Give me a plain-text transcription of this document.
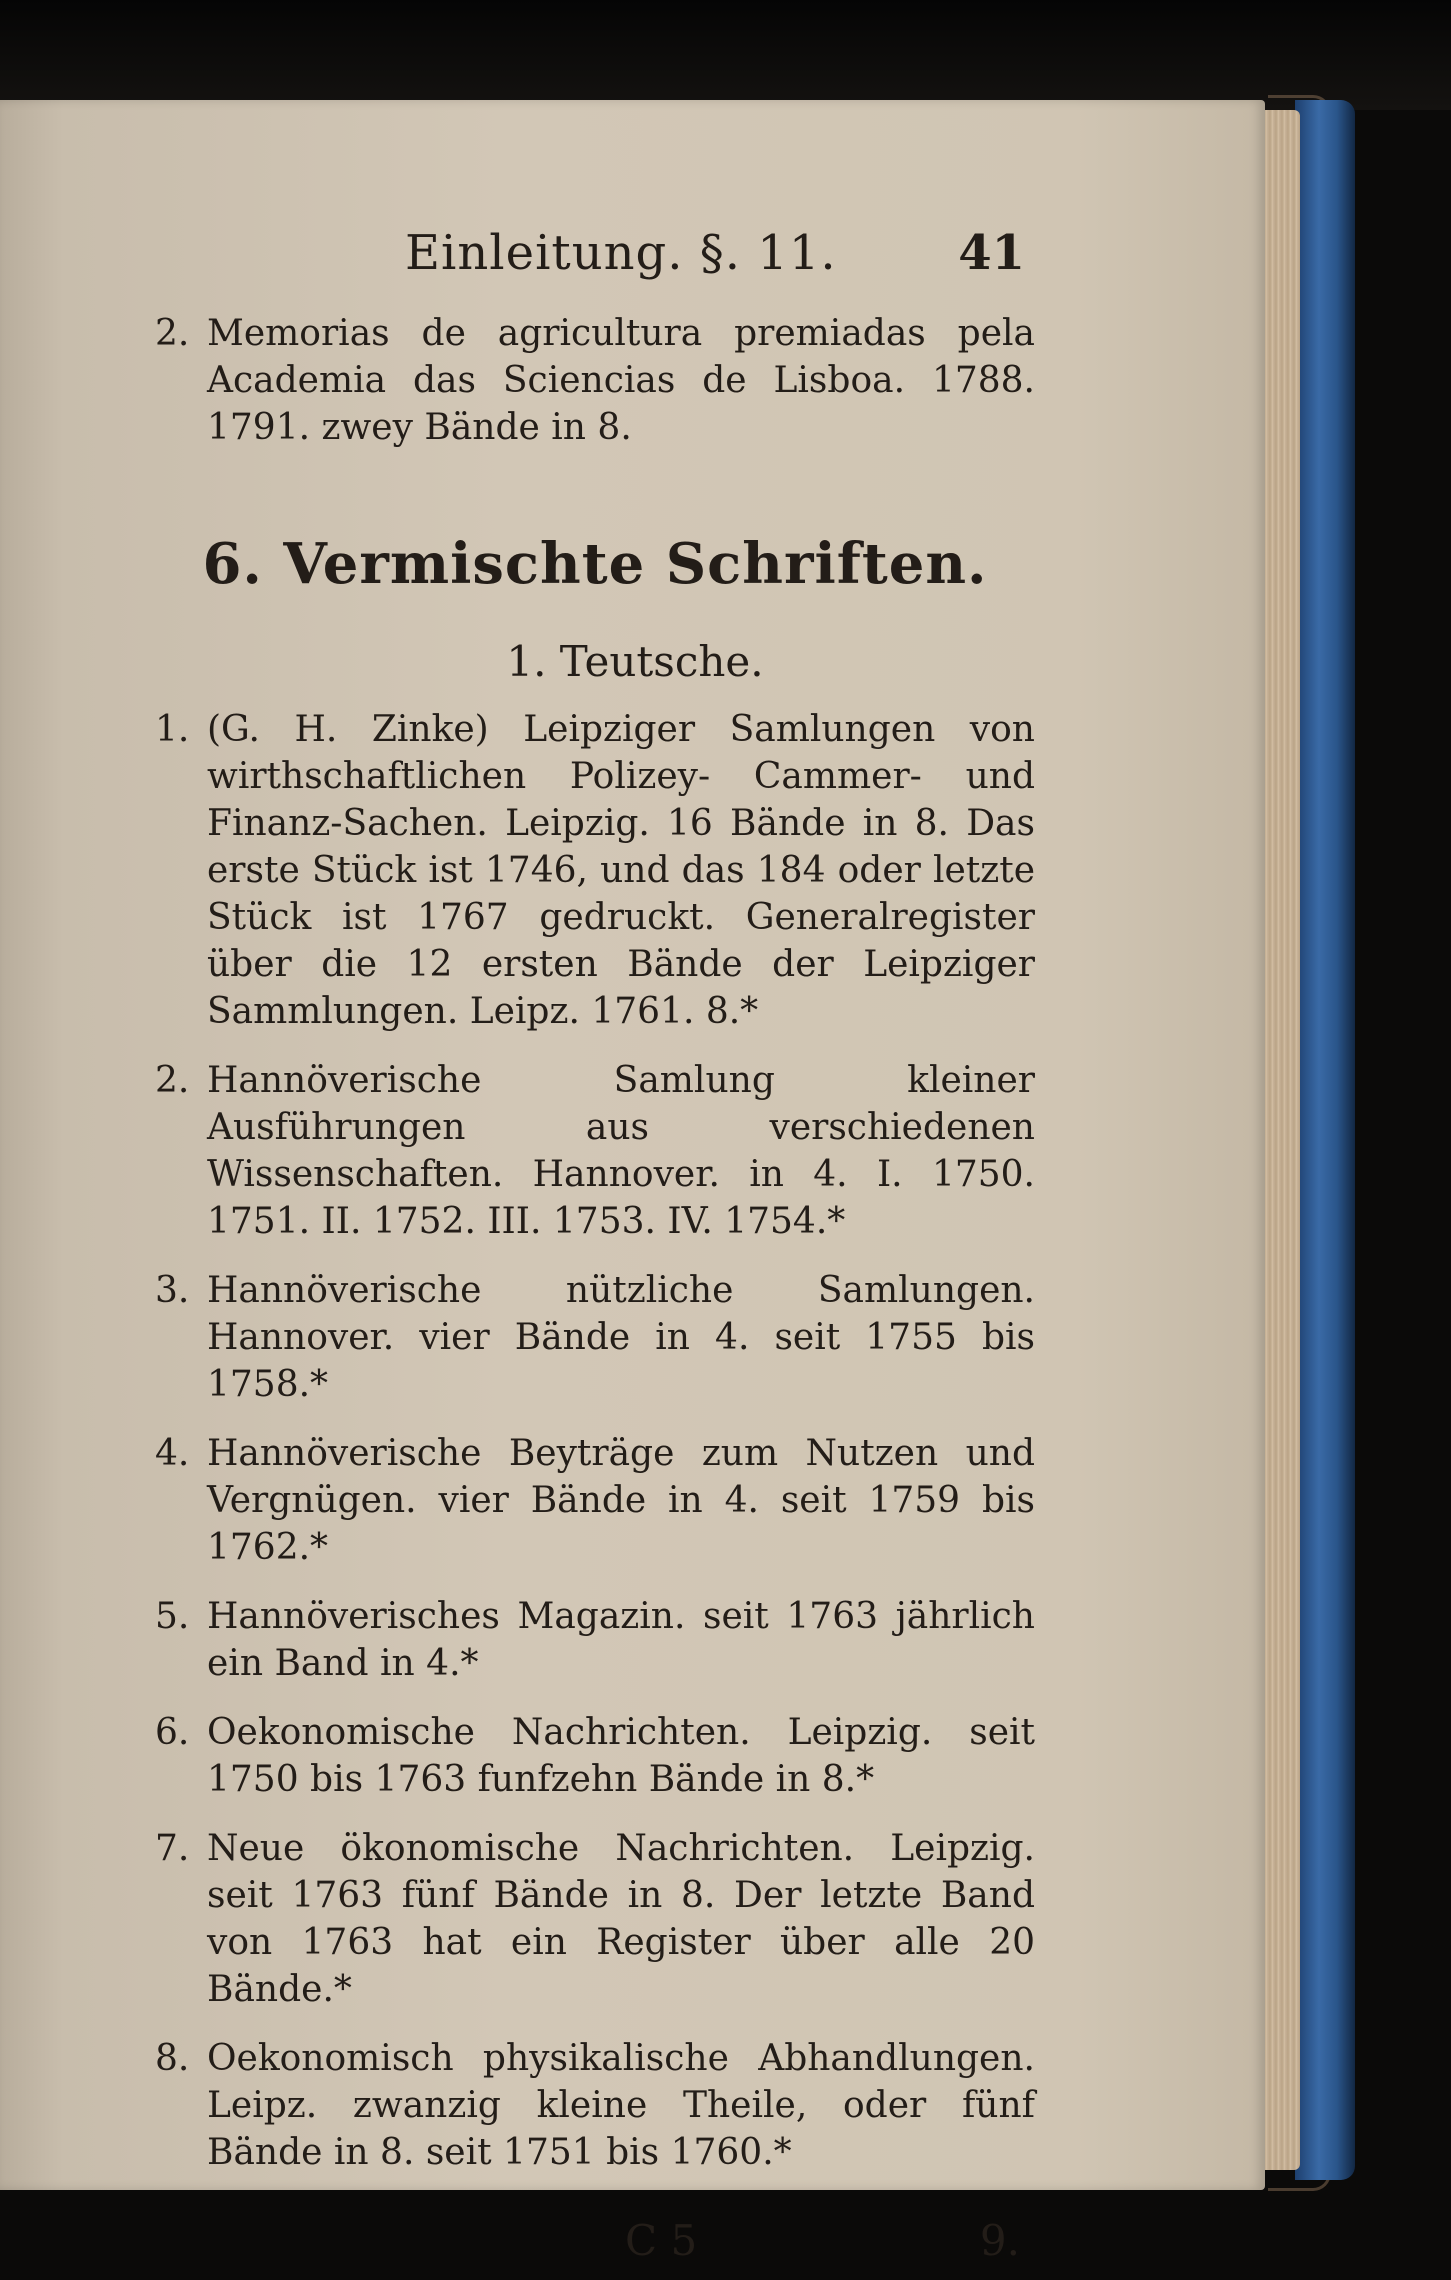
Einleitung. §. 11.	41
2. Memorias de agricultura premiadas pela Academia das Sciencias de Lisboa. 1788. 1791. zwey Bände in 8.
6. Vermischte Schriften.
1. Teutsche.
1. (G. H. Zinke) Leipziger Samlungen von wirthschaftlichen Polizey- Cammer- und Finanz-Sachen. Leipzig. 16 Bände in 8. Das erste Stück ist 1746, und das 184 oder letzte Stück ist 1767 gedruckt. Generalregister über die 12 ersten Bände der Leipziger Sammlungen. Leipz. 1761. 8.*
2. Hannöverische Samlung kleiner Ausführungen aus verschiedenen Wissenschaften. Hannover. in 4. I. 1750. 1751. II. 1752. III. 1753. IV. 1754.*
3. Hannöverische nützliche Samlungen. Hannover. vier Bände in 4. seit 1755 bis 1758.*
4. Hannöverische Beyträge zum Nutzen und Vergnügen. vier Bände in 4. seit 1759 bis 1762.*
5. Hannöverisches Magazin. seit 1763 jährlich ein Band in 4.*
6. Oekonomische Nachrichten. Leipzig. seit 1750 bis 1763 funfzehn Bände in 8.*
7. Neue ökonomische Nachrichten. Leipzig. seit 1763 fünf Bände in 8. Der letzte Band von 1763 hat ein Register über alle 20 Bände.*
8. Oekonomisch physikalische Abhandlungen. Leipz. zwanzig kleine Theile, oder fünf Bände in 8. seit 1751 bis 1760.*
C 5	9.
